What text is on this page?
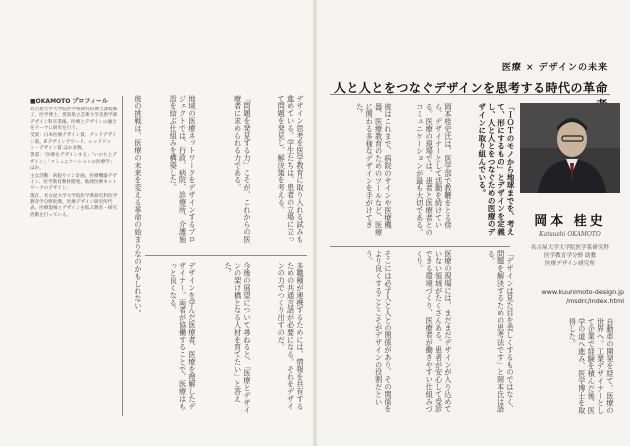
医療 × デザインの未来
人と人とをつなぐデザインを思考する時代の革命
岡本 桂史
Katsushi OKAMOTO
名古屋大学大学院医学系研究科
医学教育学分野 助教
医療デザイン研究所
www.kuunimoto-design.jp
/msdrc/index.html
「ＩＯＴのモノから地球までを、考えて、形にするもの」とデザインを定義し、人と人とをつなぐための医療のデザインに取り組んでいる。
岡本桂史氏は、医学部で教鞭をとる傍ら、デザイナーとして活動を続けている。医療の現場では、患者と医療者とのコミュニケーションが最も大切である。
彼はこれまで、病院のサインや医療機器、医療教育のためのツールなど、医療に関わる多様なデザインを手がけてきた。
自動車の開発を経て、医療の世界へ。工業デザイナーとして企業で経験を積んだ後、医学の道へ進み、医学博士を取得した。
「デザインは見た目を美しくするものではなく、問題を解決するための思考法です」と岡本氏は語る。
医療の現場には、まだまだデザインが入り込めていない領域がたくさんある。患者が安心して受診できる環境づくり、医療者が働きやすい仕組みづくり。
そこには必ず人と人との関係があり、その関係をより良くすることこそがデザインの役割だという。
デザイン思考を医学教育に取り入れる試みも進めている。学生たちは、患者の立場に立って問題を発見し、解決策を考える。
「問題を発見する力」こそが、これからの医療者に求められる力である。
地域の医療ネットワークをデザインするプロジェクトでは、行政、病院、診療所、介護施設を結ぶ仕組みを構築した。
多職種が連携するためには、情報を共有するための共通言語が必要になる。それをデザインの力でつくり出すのだ。
今後の展望について尋ねると、「医療とデザインの架け橋となる人材を育てたい」と答えた。
デザインを学んだ医療者、医療を理解したデザイナー。両者が協働することで、医療はもっと良くなる。
彼の挑戦は、医療の未来を変える革命の始まりなのかもしれない。
■OKAMOTO プロフィール

名古屋大学大学院医学系研究科博士課程修了。医学博士。愛知県立芸術大学美術学部デザイン科卒業後、医療とデザインの融合をテーマに研究を行う。

受賞：日本医療デザイン賞、グッドデザイン賞、iFデザインアワード、レッドドット・デザイン賞 ほか多数。

著書：「医療をデザインする」「いのちとデザイン」「コミュニケーションの医療学」ほか。

主な活動：病院サイン計画、医療機器デザイン、医学教育教材開発、地域医療ネットワークのデザイン。

現在、名古屋大学大学院医学系研究科医学教育学分野助教。医療デザイン研究所代表。医療現場とデザインを結ぶ教育・研究活動を行っている。
